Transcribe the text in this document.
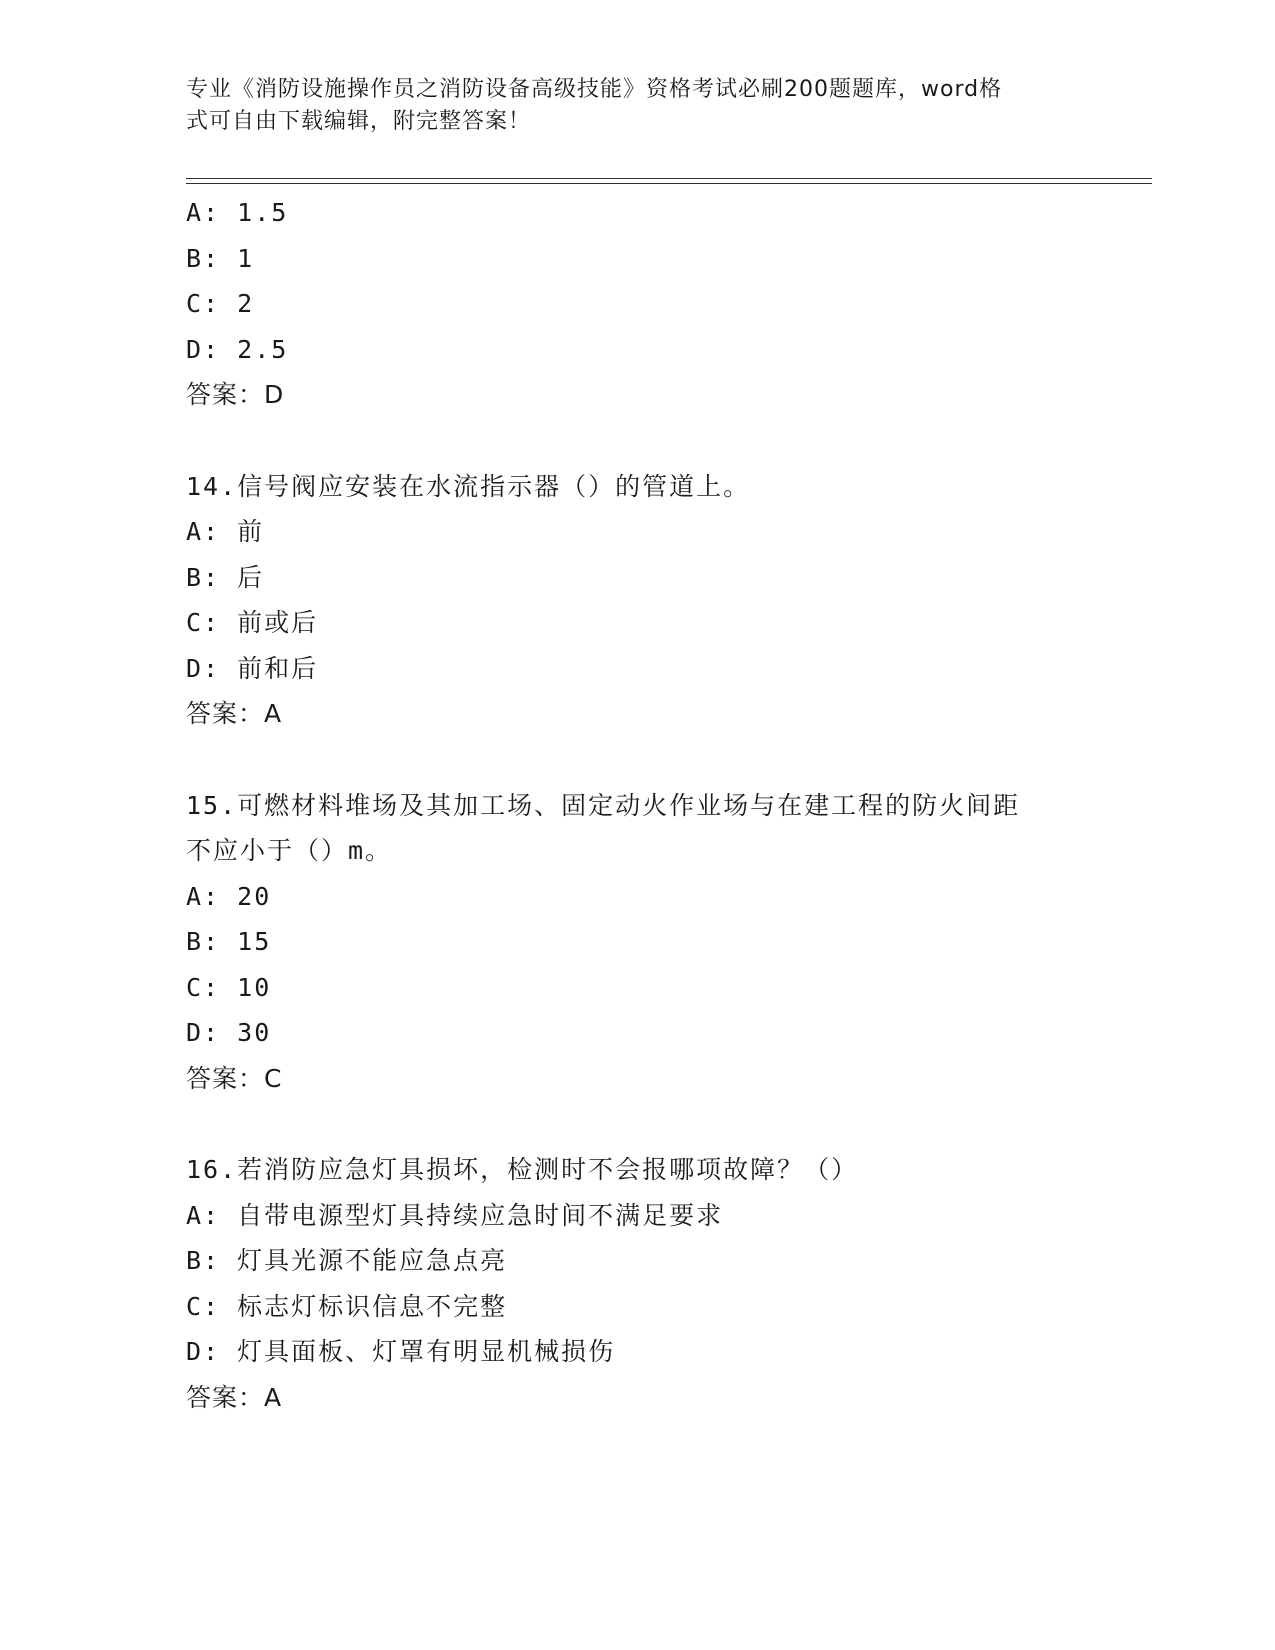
专业《消防设施操作员之消防设备高级技能》资格考试必刷200题题库，word格
式可自由下载编辑，附完整答案！
A: 1.5
B: 1
C: 2
D: 2.5
答案：D
14.信号阀应安装在水流指示器（）的管道上。
A: 前
B: 后
C: 前或后
D: 前和后
答案：A
15.可燃材料堆场及其加工场、固定动火作业场与在建工程的防火间距
不应小于（）m。
A: 20
B: 15
C: 10
D: 30
答案：C
16.若消防应急灯具损坏，检测时不会报哪项故障？（）
A: 自带电源型灯具持续应急时间不满足要求
B: 灯具光源不能应急点亮
C: 标志灯标识信息不完整
D: 灯具面板、灯罩有明显机械损伤
答案：A
